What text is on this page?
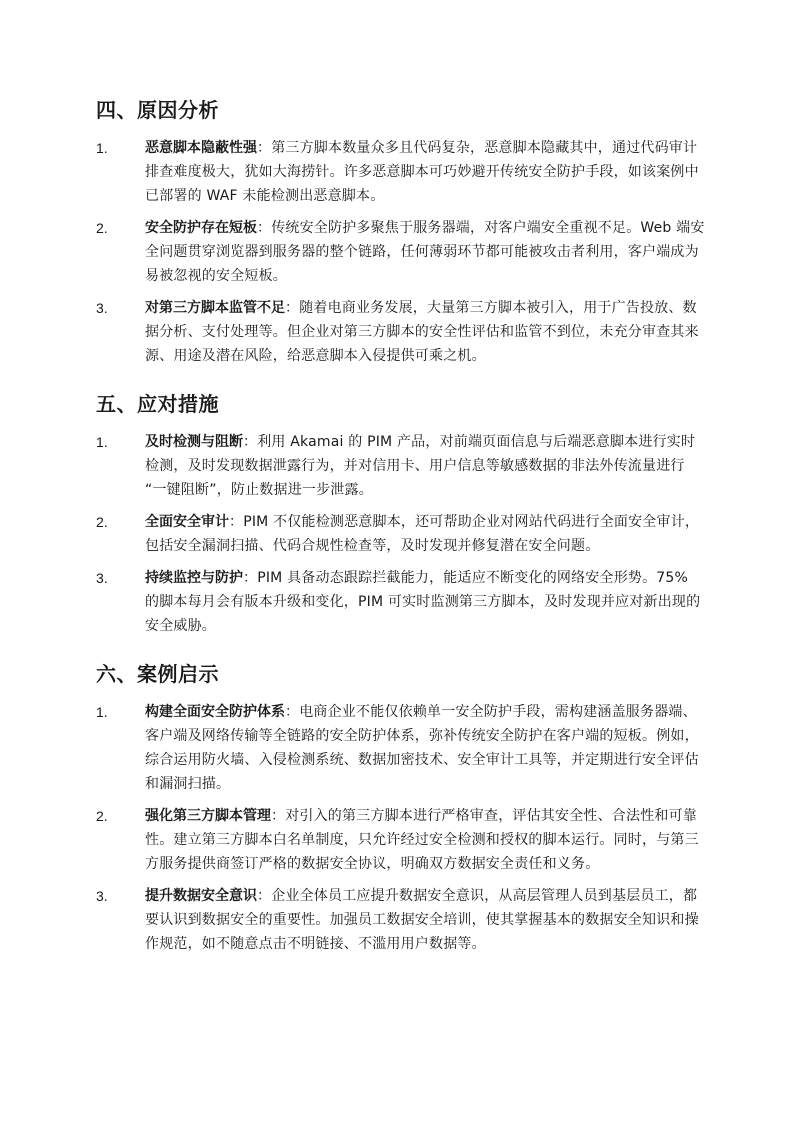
四、原因分析
1.	恶意脚本隐蔽性强：第三方脚本数量众多且代码复杂，恶意脚本隐藏其中，通过代码审计排查难度极大，犹如大海捞针。许多恶意脚本可巧妙避开传统安全防护手段，如该案例中已部署的 WAF 未能检测出恶意脚本。
2.	安全防护存在短板：传统安全防护多聚焦于服务器端，对客户端安全重视不足。Web 端安全问题贯穿浏览器到服务器的整个链路，任何薄弱环节都可能被攻击者利用，客户端成为易被忽视的安全短板。
3.	对第三方脚本监管不足：随着电商业务发展，大量第三方脚本被引入，用于广告投放、数据分析、支付处理等。但企业对第三方脚本的安全性评估和监管不到位，未充分审查其来源、用途及潜在风险，给恶意脚本入侵提供可乘之机。
五、应对措施
1.	及时检测与阻断：利用 Akamai 的 PIM 产品，对前端页面信息与后端恶意脚本进行实时检测，及时发现数据泄露行为，并对信用卡、用户信息等敏感数据的非法外传流量进行 “一键阻断”，防止数据进一步泄露。
2.	全面安全审计：PIM 不仅能检测恶意脚本，还可帮助企业对网站代码进行全面安全审计，包括安全漏洞扫描、代码合规性检查等，及时发现并修复潜在安全问题。
3.	持续监控与防护：PIM 具备动态跟踪拦截能力，能适应不断变化的网络安全形势。75% 的脚本每月会有版本升级和变化，PIM 可实时监测第三方脚本，及时发现并应对新出现的安全威胁。
六、案例启示
1.	构建全面安全防护体系：电商企业不能仅依赖单一安全防护手段，需构建涵盖服务器端、客户端及网络传输等全链路的安全防护体系，弥补传统安全防护在客户端的短板。例如，综合运用防火墙、入侵检测系统、数据加密技术、安全审计工具等，并定期进行安全评估和漏洞扫描。
2.	强化第三方脚本管理：对引入的第三方脚本进行严格审查，评估其安全性、合法性和可靠性。建立第三方脚本白名单制度，只允许经过安全检测和授权的脚本运行。同时，与第三方服务提供商签订严格的数据安全协议，明确双方数据安全责任和义务。
3.	提升数据安全意识：企业全体员工应提升数据安全意识，从高层管理人员到基层员工，都要认识到数据安全的重要性。加强员工数据安全培训，使其掌握基本的数据安全知识和操作规范，如不随意点击不明链接、不滥用用户数据等。
